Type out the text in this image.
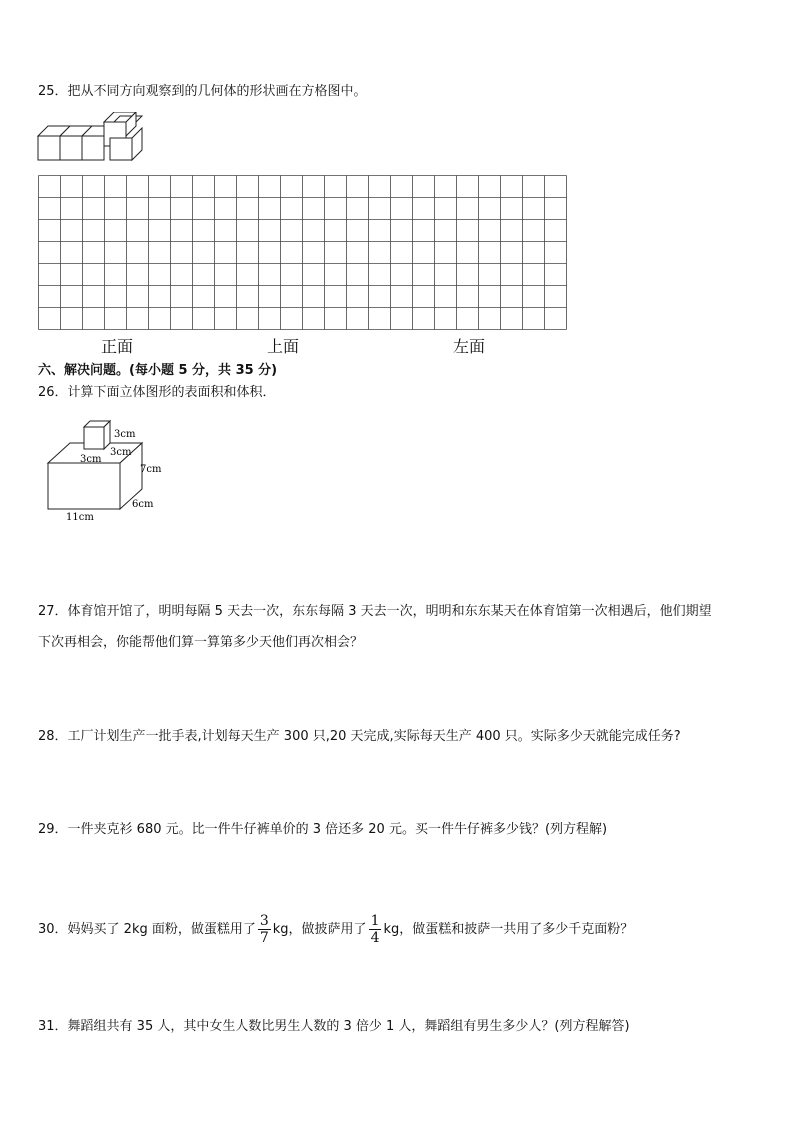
25．把从不同方向观察到的几何体的形状画在方格图中。
正面	上面	左面
六、解决问题。(每小题 5 分，共 35 分)
26．计算下面立体图形的表面积和体积．
3cm
3cm
3cm
7cm
6cm
11cm
27．体育馆开馆了，明明每隔 5 天去一次，东东每隔 3 天去一次，明明和东东某天在体育馆第一次相遇后，他们期望
下次再相会，你能帮他们算一算第多少天他们再次相会？
28．工厂计划生产一批手表,计划每天生产 300 只,20 天完成,实际每天生产 400 只。实际多少天就能完成任务?
29．一件夹克衫 680 元。比一件牛仔裤单价的 3 倍还多 20 元。买一件牛仔裤多少钱？(列方程解)
30．妈妈买了 2kg 面粉，做蛋糕用了 $\frac{3}{7}$ kg，做披萨用了 $\frac{1}{4}$ kg，做蛋糕和披萨一共用了多少千克面粉？
31．舞蹈组共有 35 人，其中女生人数比男生人数的 3 倍少 1 人，舞蹈组有男生多少人？(列方程解答)
